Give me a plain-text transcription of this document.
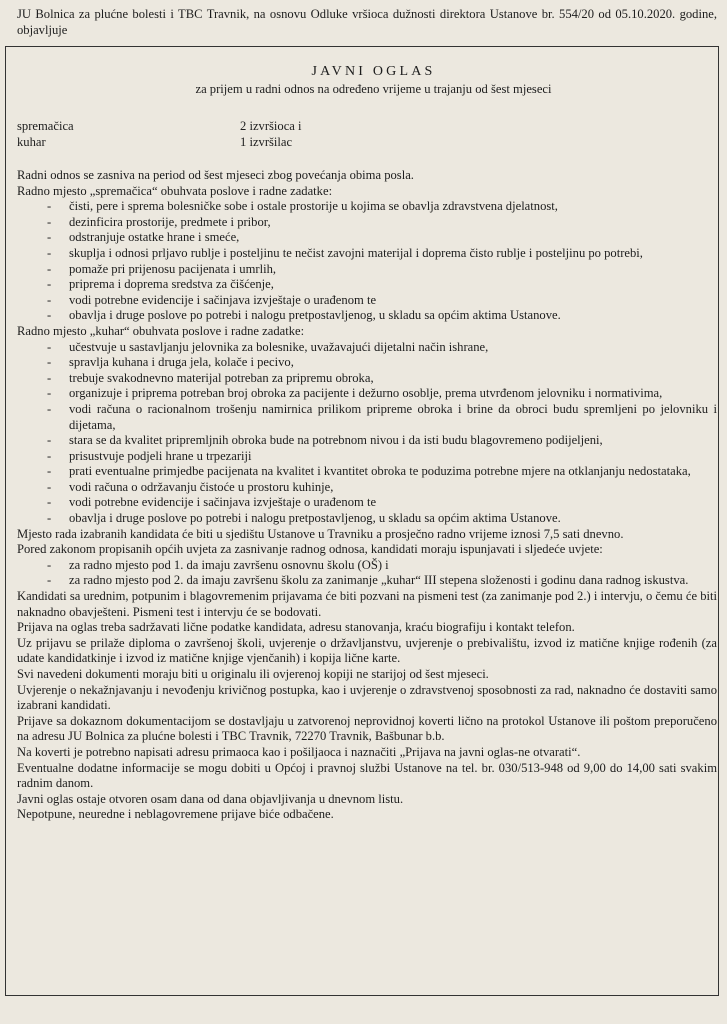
JU Bolnica za plućne bolesti i TBC Travnik, na osnovu Odluke vršioca dužnosti direktora Ustanove br. 554/20 od 05.10.2020. godine, objavljuje
JAVNI OGLAS
za prijem u radni odnos na određeno vrijeme u trajanju od šest mjeseci
spremačica	2 izvršioca i
kuhar	1 izvršilac

Radni odnos se zasniva na period od šest mjeseci zbog povećanja obima posla.

Radno mjesto „spremačica“ obuhvata poslove i radne zadatke:

- čisti, pere i sprema bolesničke sobe i ostale prostorije u kojima se obavlja zdravstvena djelatnost,
- dezinficira prostorije, predmete i pribor,
- odstranjuje ostatke hrane i smeće,
- skuplja i odnosi prljavo rublje i posteljinu te nečist zavojni materijal i doprema čisto rublje i posteljinu po potrebi,
- pomaže pri prijenosu pacijenata i umrlih,
- priprema i doprema sredstva za čišćenje,
- vodi potrebne evidencije i sačinjava izvještaje o urađenom te
- obavlja i druge poslove po potrebi i nalogu pretpostavljenog, u skladu sa općim aktima Ustanove.

Radno mjesto „kuhar“ obuhvata poslove i radne zadatke:

- učestvuje u sastavljanju jelovnika za bolesnike, uvažavajući dijetalni način ishrane,
- spravlja kuhana i druga jela, kolače i pecivo,
- trebuje svakodnevno materijal potreban za pripremu obroka,
- organizuje i priprema potreban broj obroka za pacijente i dežurno osoblje, prema utvrđenom jelovniku i normativima,
- vodi računa o racionalnom trošenju namirnica prilikom pripreme obroka i brine da obroci budu spremljeni po jelovniku i dijetama,
- stara se da kvalitet pripremljnih obroka bude na potrebnom nivou i da isti budu blagovremeno podijeljeni,
- prisustvuje podjeli hrane u trpezariji
- prati eventualne primjedbe pacijenata na kvalitet i kvantitet obroka te poduzima potrebne mjere na otklanjanju nedostataka,
- vodi računa o održavanju čistoće u prostoru kuhinje,
- vodi potrebne evidencije i sačinjava izvještaje o urađenom te
- obavlja i druge poslove po potrebi i nalogu pretpostavljenog, u skladu sa općim aktima Ustanove.

Mjesto rada izabranih kandidata će biti u sjedištu Ustanove u Travniku a prosječno radno vrijeme iznosi 7,5 sati dnevno.

Pored zakonom propisanih općih uvjeta za zasnivanje radnog odnosa, kandidati moraju ispunjavati i sljedeće uvjete:

- za radno mjesto pod 1. da imaju završenu osnovnu školu (OŠ) i
- za radno mjesto pod 2. da imaju završenu školu za zanimanje „kuhar“ III stepena složenosti i godinu dana radnog iskustva.

Kandidati sa urednim, potpunim i blagovremenim prijavama će biti pozvani na pismeni test (za zanimanje pod 2.) i intervju, o čemu će biti naknadno obavješteni. Pismeni test i intervju će se bodovati.

Prijava na oglas treba sadržavati lične podatke kandidata, adresu stanovanja, kraću biografiju i kontakt telefon.

Uz prijavu se prilaže diploma o završenoj školi, uvjerenje o državljanstvu, uvjerenje o prebivalištu, izvod iz matične knjige rođenih (za udate kandidatkinje i izvod iz matične knjige vjenčanih) i kopija lične karte.

Svi navedeni dokumenti moraju biti u originalu ili ovjerenoj kopiji ne starijoj od šest mjeseci.

Uvjerenje o nekažnjavanju i nevođenju krivičnog postupka, kao i uvjerenje o zdravstvenoj sposobnosti za rad, naknadno će dostaviti samo izabrani kandidati.

Prijave sa dokaznom dokumentacijom se dostavljaju u zatvorenoj neprovidnoj koverti lično na protokol Ustanove ili poštom preporučeno na adresu JU Bolnica za plućne bolesti i TBC Travnik, 72270 Travnik, Bašbunar b.b.

Na koverti je potrebno napisati adresu primaoca kao i pošiljaoca i naznačiti „Prijava na javni oglas-ne otvarati“.

Eventualne dodatne informacije se mogu dobiti u Općoj i pravnoj službi Ustanove na tel. br. 030/513-948 od 9,00 do 14,00 sati svakim radnim danom.

Javni oglas ostaje otvoren osam dana od dana objavljivanja u dnevnom listu.

Nepotpune, neuredne i neblagovremene prijave biće odbačene.
